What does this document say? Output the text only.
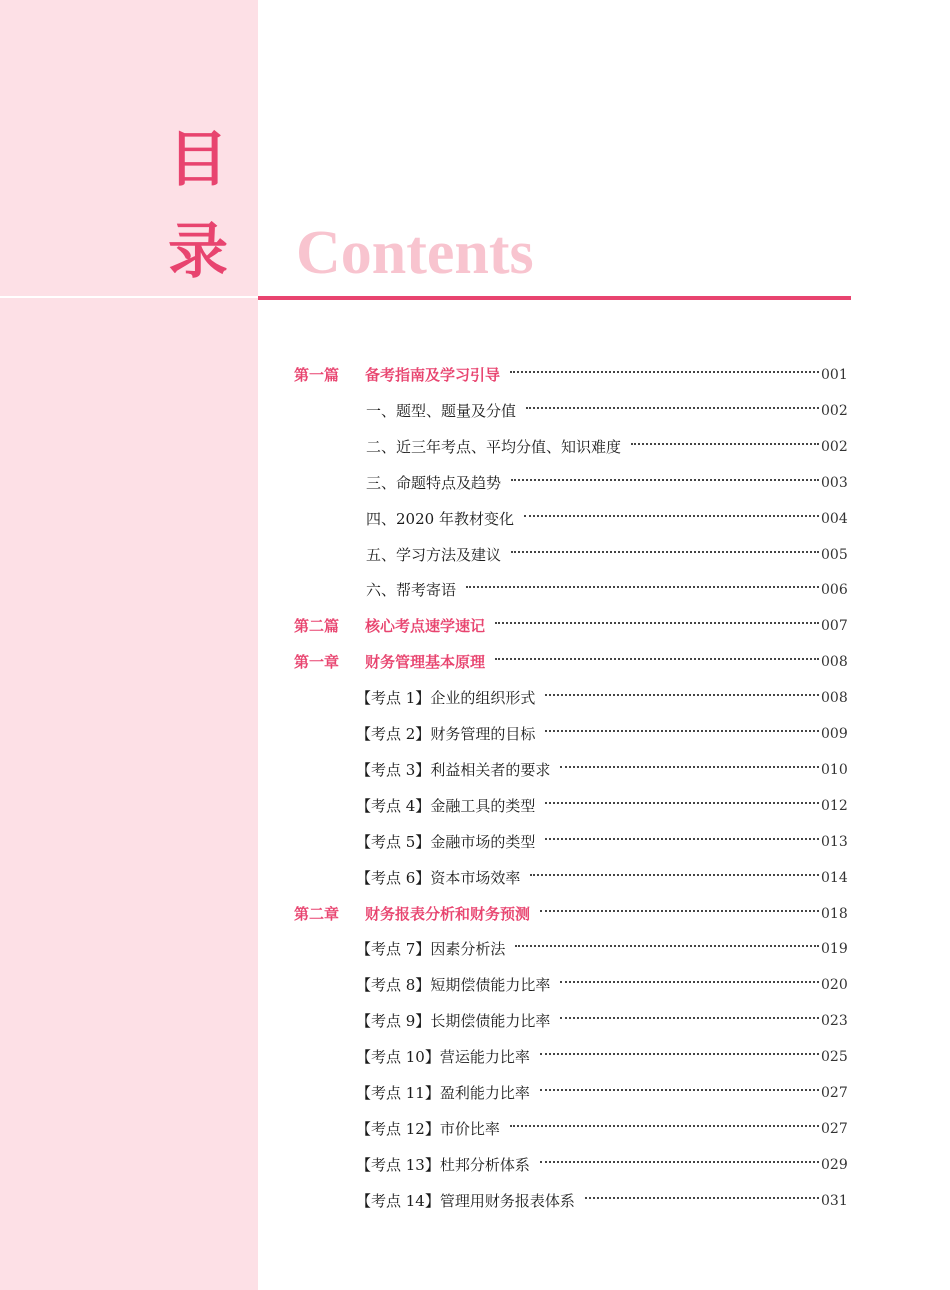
目
录 Contents
第一篇 备考指南及学习引导	001
一、题型、题量及分值	002
二、近三年考点、平均分值、知识难度	002
三、命题特点及趋势	003
四、2020 年教材变化	004
五、学习方法及建议	005
六、帮考寄语	006
第二篇 核心考点速学速记	007
第一章 财务管理基本原理	008
【考点 1】 企业的组织形式	008
【考点 2】 财务管理的目标	009
【考点 3】 利益相关者的要求	010
【考点 4】 金融工具的类型	012
【考点 5】 金融市场的类型	013
【考点 6】 资本市场效率	014
第二章 财务报表分析和财务预测	018
【考点 7】 因素分析法	019
【考点 8】 短期偿债能力比率	020
【考点 9】 长期偿债能力比率	023
【考点 10】 营运能力比率	025
【考点 11】 盈利能力比率	027
【考点 12】 市价比率	027
【考点 13】 杜邦分析体系	029
【考点 14】 管理用财务报表体系	031
